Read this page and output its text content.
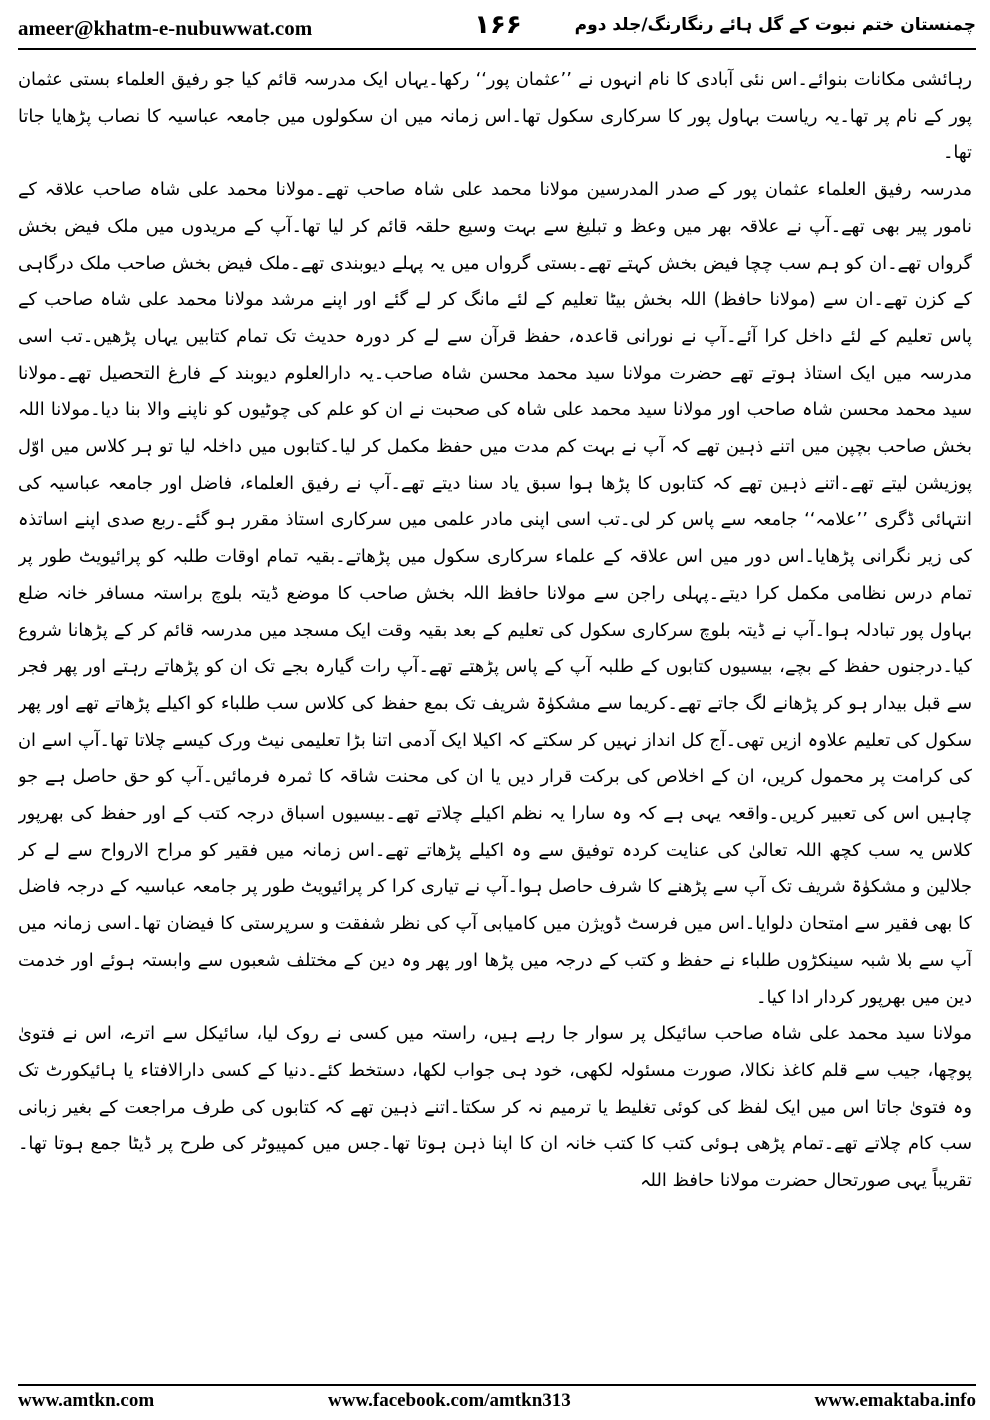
ameer@khatm-e-nubuwwat.com	۱۶۶	چمنستان ختم نبوت کے گل ہائے رنگارنگ/جلد دوم

رہائشی مکانات بنوائے۔اس نئی آبادی کا نام انہوں نے ’’عثمان پور‘‘ رکھا۔یہاں ایک مدرسہ قائم کیا جو رفیق العلماء بستی عثمان پور کے نام پر تھا۔یہ ریاست بہاول پور کا سرکاری سکول تھا۔اس زمانہ میں ان سکولوں میں جامعہ عباسیہ کا نصاب پڑھایا جاتا تھا۔

مدرسہ رفیق العلماء عثمان پور کے صدر المدرسین مولانا محمد علی شاہ صاحب تھے۔مولانا محمد علی شاہ صاحب علاقہ کے نامور پیر بھی تھے۔آپ نے علاقہ بھر میں وعظ و تبلیغ سے بہت وسیع حلقہ قائم کر لیا تھا۔آپ کے مریدوں میں ملک فیض بخش گرواں تھے۔ان کو ہم سب چچا فیض بخش کہتے تھے۔بستی گرواں میں یہ پہلے دیوبندی تھے۔ملک فیض بخش صاحب ملک درگاہی کے کزن تھے۔ان سے (مولانا حافظ) اللہ بخش بیٹا تعلیم کے لئے مانگ کر لے گئے اور اپنے مرشد مولانا محمد علی شاہ صاحب کے پاس تعلیم کے لئے داخل کرا آئے۔آپ نے نورانی قاعدہ، حفظ قرآن سے لے کر دورہ حدیث تک تمام کتابیں یہاں پڑھیں۔تب اسی مدرسہ میں ایک استاذ ہوتے تھے حضرت مولانا سید محمد محسن شاہ صاحب۔یہ دارالعلوم دیوبند کے فارغ التحصیل تھے۔مولانا سید محمد محسن شاہ صاحب اور مولانا سید محمد علی شاہ کی صحبت نے ان کو علم کی چوٹیوں کو ناپنے والا بنا دیا۔مولانا اللہ بخش صاحب بچپن میں اتنے ذہین تھے کہ آپ نے بہت کم مدت میں حفظ مکمل کر لیا۔کتابوں میں داخلہ لیا تو ہر کلاس میں اوّل پوزیشن لیتے تھے۔اتنے ذہین تھے کہ کتابوں کا پڑھا ہوا سبق یاد سنا دیتے تھے۔آپ نے رفیق العلماء، فاضل اور جامعہ عباسیہ کی انتہائی ڈگری ’’علامہ‘‘ جامعہ سے پاس کر لی۔تب اسی اپنی مادر علمی میں سرکاری استاذ مقرر ہو گئے۔ربع صدی اپنے اساتذہ کی زیر نگرانی پڑھایا۔اس دور میں اس علاقہ کے علماء سرکاری سکول میں پڑھاتے۔بقیہ تمام اوقات طلبہ کو پرائیویٹ طور پر تمام درس نظامی مکمل کرا دیتے۔پہلی راجن سے مولانا حافظ اللہ بخش صاحب کا موضع ڈیتہ بلوچ براستہ مسافر خانہ ضلع بہاول پور تبادلہ ہوا۔آپ نے ڈیتہ بلوچ سرکاری سکول کی تعلیم کے بعد بقیہ وقت ایک مسجد میں مدرسہ قائم کر کے پڑھانا شروع کیا۔درجنوں حفظ کے بچے، بیسیوں کتابوں کے طلبہ آپ کے پاس پڑھتے تھے۔آپ رات گیارہ بجے تک ان کو پڑھاتے رہتے اور پھر فجر سے قبل بیدار ہو کر پڑھانے لگ جاتے تھے۔کریما سے مشکوٰۃ شریف تک بمع حفظ کی کلاس سب طلباء کو اکیلے پڑھاتے تھے اور پھر سکول کی تعلیم علاوہ ازیں تھی۔آج کل انداز نہیں کر سکتے کہ اکیلا ایک آدمی اتنا بڑا تعلیمی نیٹ ورک کیسے چلاتا تھا۔آپ اسے ان کی کرامت پر محمول کریں، ان کے اخلاص کی برکت قرار دیں یا ان کی محنت شاقہ کا ثمرہ فرمائیں۔آپ کو حق حاصل ہے جو چاہیں اس کی تعبیر کریں۔واقعہ یہی ہے کہ وہ سارا یہ نظم اکیلے چلاتے تھے۔بیسیوں اسباق درجہ کتب کے اور حفظ کی بھرپور کلاس یہ سب کچھ اللہ تعالیٰ کی عنایت کردہ توفیق سے وہ اکیلے پڑھاتے تھے۔اس زمانہ میں فقیر کو مراح الارواح سے لے کر جلالین و مشکوٰۃ شریف تک آپ سے پڑھنے کا شرف حاصل ہوا۔آپ نے تیاری کرا کر پرائیویٹ طور پر جامعہ عباسیہ کے درجہ فاضل کا بھی فقیر سے امتحان دلوایا۔اس میں فرسٹ ڈویژن میں کامیابی آپ کی نظر شفقت و سرپرستی کا فیضان تھا۔اسی زمانہ میں آپ سے بلا شبہ سینکڑوں طلباء نے حفظ و کتب کے درجہ میں پڑھا اور پھر وہ دین کے مختلف شعبوں سے وابستہ ہوئے اور خدمت دین میں بھرپور کردار ادا کیا۔

مولانا سید محمد علی شاہ صاحب سائیکل پر سوار جا رہے ہیں، راستہ میں کسی نے روک لیا، سائیکل سے اترے، اس نے فتویٰ پوچھا، جیب سے قلم کاغذ نکالا، صورت مسئولہ لکھی، خود ہی جواب لکھا، دستخط کئے۔دنیا کے کسی دارالافتاء یا ہائیکورٹ تک وہ فتویٰ جاتا اس میں ایک لفظ کی کوئی تغلیط یا ترمیم نہ کر سکتا۔اتنے ذہین تھے کہ کتابوں کی طرف مراجعت کے بغیر زبانی سب کام چلاتے تھے۔تمام پڑھی ہوئی کتب کا کتب خانہ ان کا اپنا ذہن ہوتا تھا۔جس میں کمپیوٹر کی طرح پر ڈیٹا جمع ہوتا تھا۔تقریباً یہی صورتحال حضرت مولانا حافظ اللہ

www.amtkn.com	www.facebook.com/amtkn313	www.emaktaba.info
